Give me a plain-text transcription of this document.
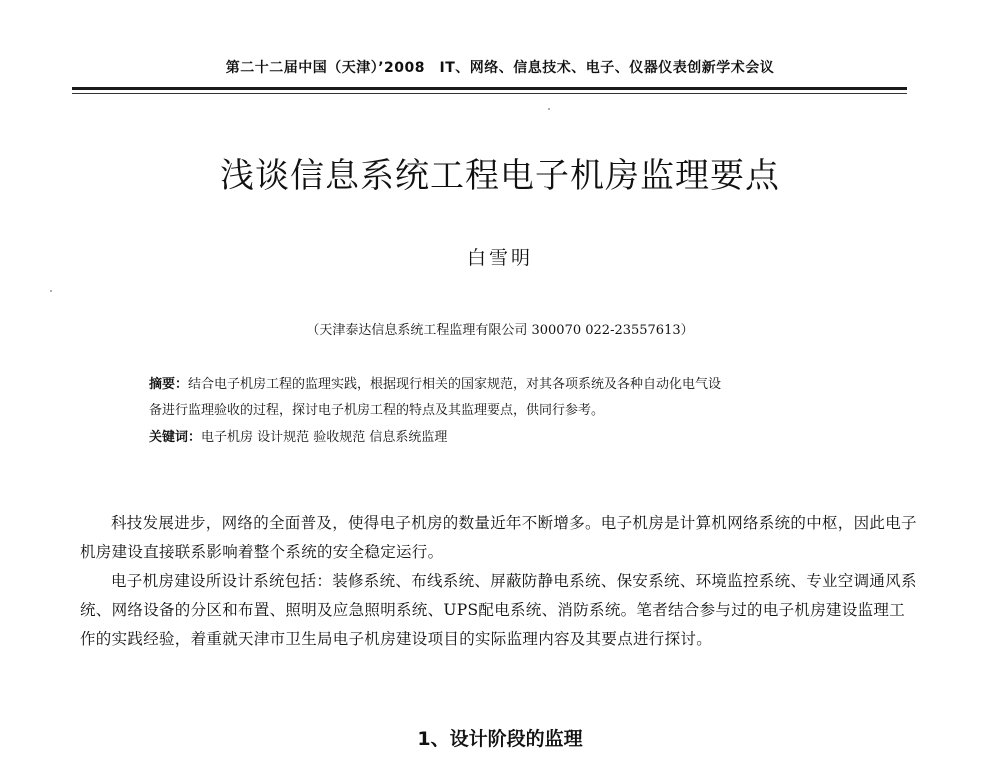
第二十二届中国（天津）’2008　IT、网络、信息技术、电子、仪器仪表创新学术会议
浅谈信息系统工程电子机房监理要点
白雪明
（天津泰达信息系统工程监理有限公司 300070 022-23557613）
摘要：结合电子机房工程的监理实践，根据现行相关的国家规范，对其各项系统及各种自动化电气设
备进行监理验收的过程，探讨电子机房工程的特点及其监理要点，供同行参考。
关键词：电子机房 设计规范 验收规范 信息系统监理

科技发展进步，网络的全面普及，使得电子机房的数量近年不断增多。电子机房是计算机网络系统的中枢，因此电子机房建设直接联系影响着整个系统的安全稳定运行。

电子机房建设所设计系统包括：装修系统、布线系统、屏蔽防静电系统、保安系统、环境监控系统、专业空调通风系统、网络设备的分区和布置、照明及应急照明系统、UPS配电系统、消防系统。笔者结合参与过的电子机房建设监理工作的实践经验，着重就天津市卫生局电子机房建设项目的实际监理内容及其要点进行探讨。

1、设计阶段的监理
